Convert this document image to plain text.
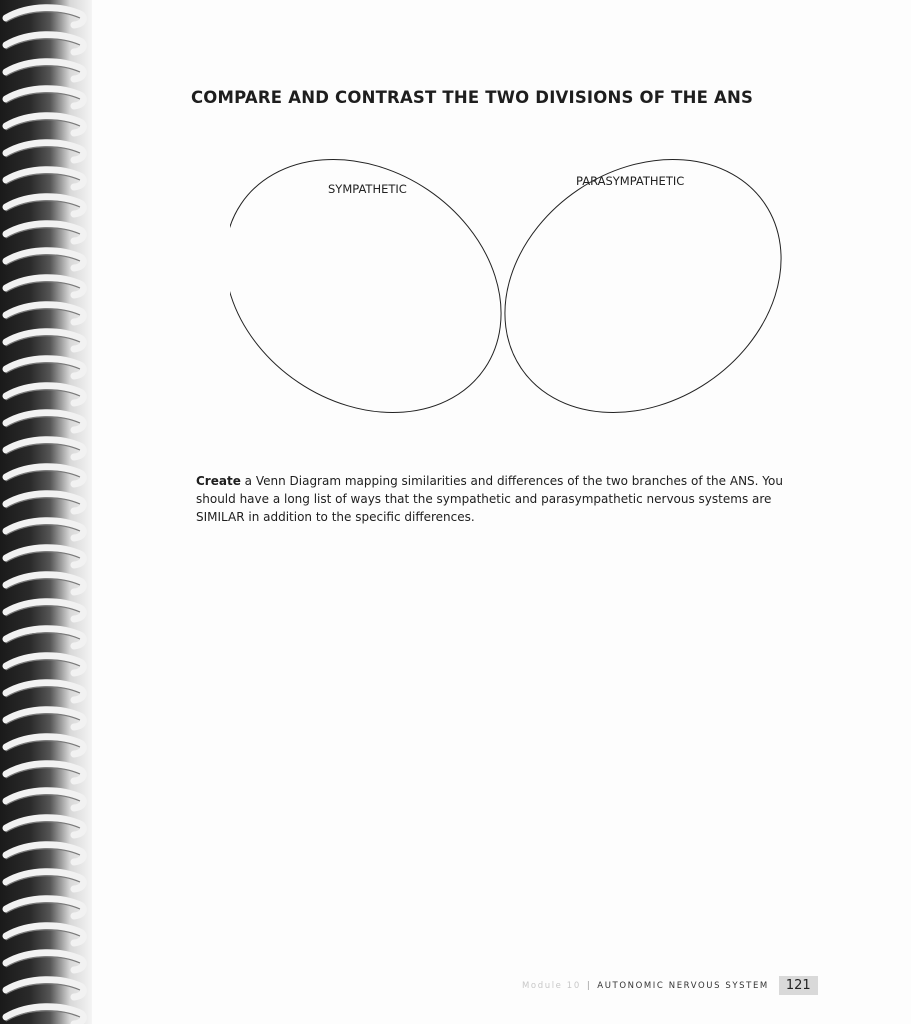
COMPARE AND CONTRAST THE TWO DIVISIONS OF THE ANS
SYMPATHETIC
PARASYMPATHETIC
Create a Venn Diagram mapping similarities and differences of the two branches of the ANS. You should have a long list of ways that the sympathetic and parasympathetic nervous systems are SIMILAR in addition to the specific differences.
Module 10 | AUTONOMIC NERVOUS SYSTEM	121
